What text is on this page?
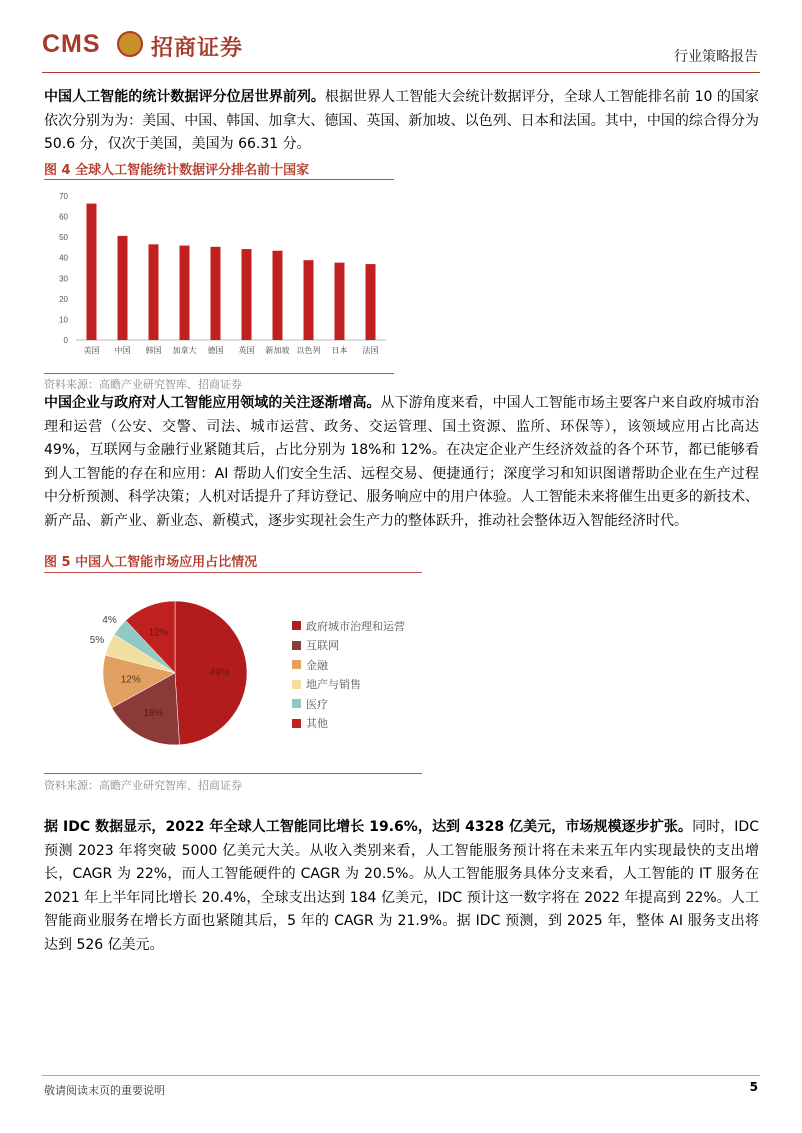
CMS 招商证券	行业策略报告
中国人工智能的统计数据评分位居世界前列。根据世界人工智能大会统计数据评分，全球人工智能排名前 10 的国家依次分别为为：美国、中国、韩国、加拿大、德国、英国、新加坡、以色列、日本和法国。其中，中国的综合得分为 50.6 分，仅次于美国，美国为 66.31 分。
图 4 全球人工智能统计数据评分排名前十国家
0
10
20
30
40
50
60
70
美国 中国 韩国 加拿大 德国 英国 新加坡 以色列 日本 法国
资料来源：高瞻产业研究智库、招商证券
中国企业与政府对人工智能应用领域的关注逐渐增高。从下游角度来看，中国人工智能市场主要客户来自政府城市治理和运营（公安、交警、司法、城市运营、政务、交运管理、国土资源、监所、环保等），该领域应用占比高达 49%，互联网与金融行业紧随其后，占比分别为 18%和 12%。在决定企业产生经济效益的各个环节，都已能够看到人工智能的存在和应用：AI 帮助人们安全生活、远程交易、便捷通行；深度学习和知识图谱帮助企业在生产过程中分析预测、科学决策；人机对话提升了拜访登记、服务响应中的用户体验。人工智能未来将催生出更多的新技术、新产品、新产业、新业态、新模式，逐步实现社会生产力的整体跃升，推动社会整体迈入智能经济时代。
图 5 中国人工智能市场应用占比情况
49%
18%
12%
5%
4%
12%
政府城市治理和运营
互联网
金融
地产与销售
医疗
其他
资料来源：高瞻产业研究智库、招商证券
据 IDC 数据显示，2022 年全球人工智能同比增长 19.6%，达到 4328 亿美元，市场规模逐步扩张。同时，IDC 预测 2023 年将突破 5000 亿美元大关。从收入类别来看，人工智能服务预计将在未来五年内实现最快的支出增长，CAGR 为 22%，而人工智能硬件的 CAGR 为 20.5%。从人工智能服务具体分支来看，人工智能的 IT 服务在 2021 年上半年同比增长 20.4%，全球支出达到 184 亿美元，IDC 预计这一数字将在 2022 年提高到 22%。人工智能商业服务在增长方面也紧随其后，5 年的 CAGR 为 21.9%。据 IDC 预测，到 2025 年，整体 AI 服务支出将达到 526 亿美元。
敬请阅读末页的重要说明	5
